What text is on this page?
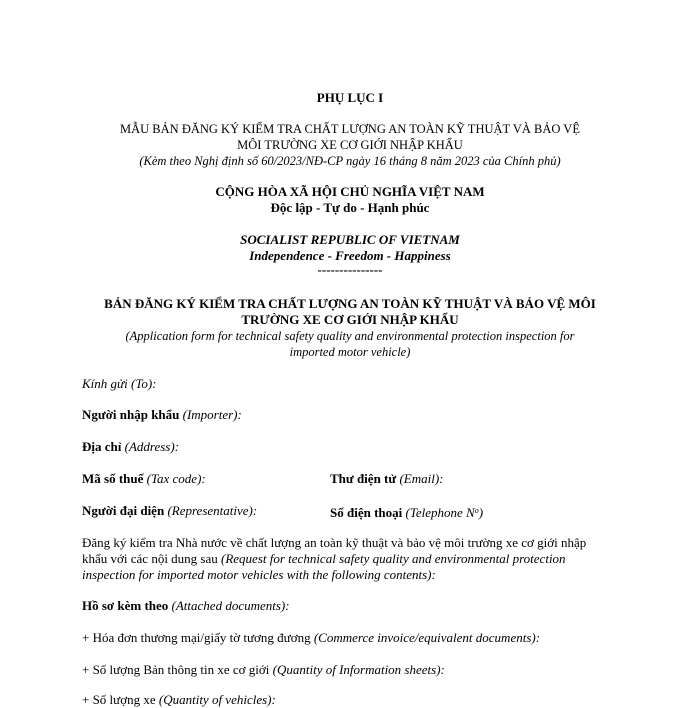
PHỤ LỤC I
MẪU BẢN ĐĂNG KÝ KIỂM TRA CHẤT LƯỢNG AN TOÀN KỸ THUẬT VÀ BẢO VỆ
MÔI TRƯỜNG XE CƠ GIỚI NHẬP KHẨU
(Kèm theo Nghị định số 60/2023/NĐ-CP ngày 16 tháng 8 năm 2023 của Chính phủ)
CỘNG HÒA XÃ HỘI CHỦ NGHĨA VIỆT NAM
Độc lập - Tự do - Hạnh phúc
SOCIALIST REPUBLIC OF VIETNAM
Independence - Freedom - Happiness
---------------
BẢN ĐĂNG KÝ KIỂM TRA CHẤT LƯỢNG AN TOÀN KỸ THUẬT VÀ BẢO VỆ MÔI
TRƯỜNG XE CƠ GIỚI NHẬP KHẨU
(Application form for technical safety quality and environmental protection inspection for
imported motor vehicle)
Kính gửi (To):
Người nhập khẩu (Importer):
Địa chỉ (Address):
Mã số thuế (Tax code):	Thư điện tử (Email):
Người đại diện (Representative):	Số điện thoại (Telephone $N^o$)
Đăng ký kiểm tra Nhà nước về chất lượng an toàn kỹ thuật và bảo vệ môi trường xe cơ giới nhập
khẩu với các nội dung sau (Request for technical safety quality and environmental protection
inspection for imported motor vehicles with the following contents):
Hồ sơ kèm theo (Attached documents):
+ Hóa đơn thương mại/giấy tờ tương đương (Commerce invoice/equivalent documents):
+ Số lượng Bản thông tin xe cơ giới (Quantity of Information sheets):
+ Số lượng xe (Quantity of vehicles):
